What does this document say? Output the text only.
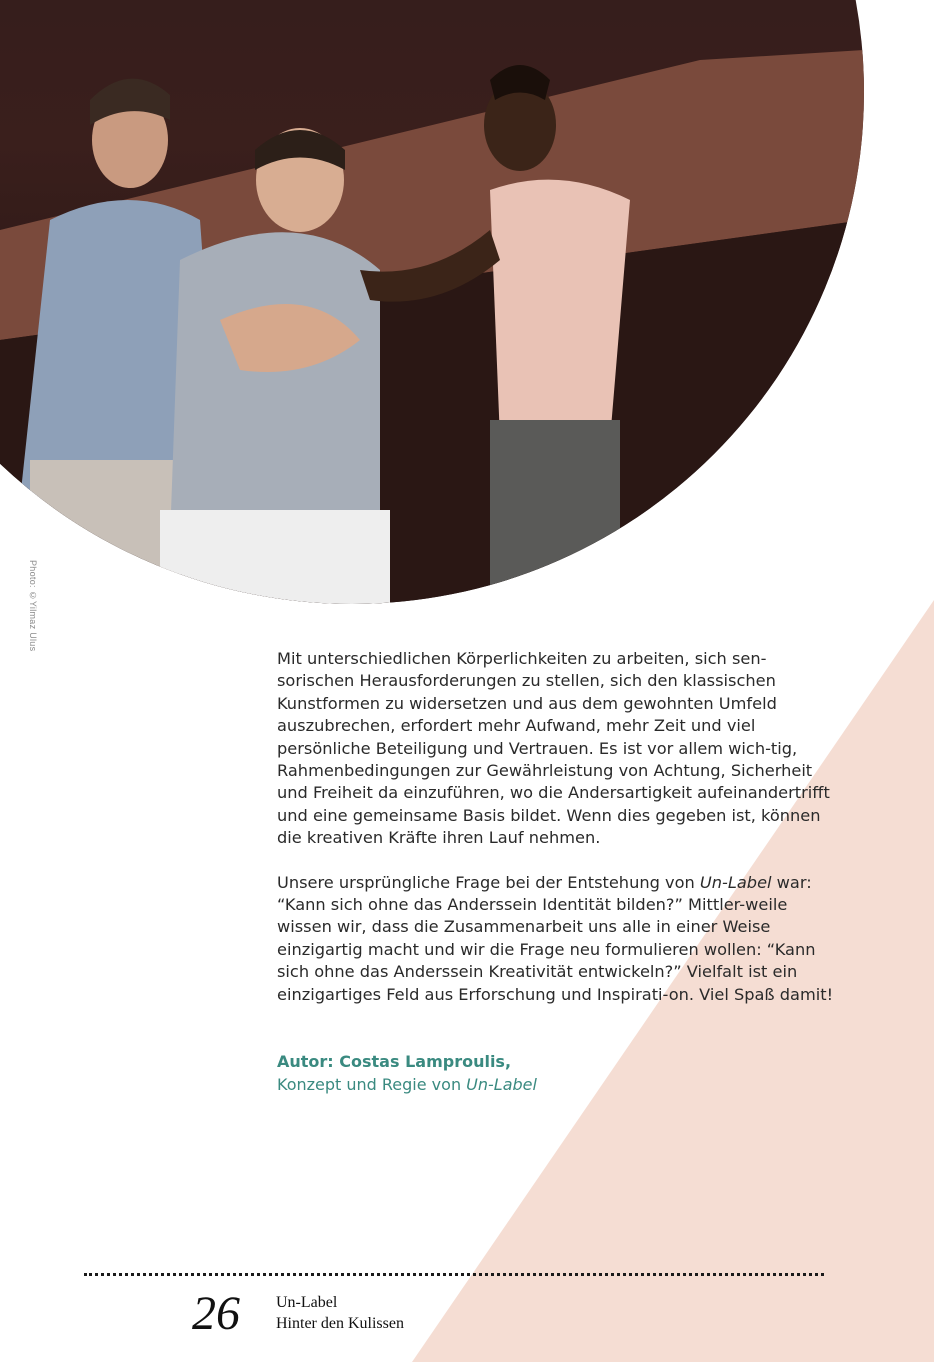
Photo: ©Yilmaz Ulus

Mit unterschiedlichen Körperlichkeiten zu arbeiten, sich sen-sorischen Herausforderungen zu stellen, sich den klassischen Kunstformen zu widersetzen und aus dem gewohnten Umfeld auszubrechen, erfordert mehr Aufwand, mehr Zeit und viel persönliche Beteiligung und Vertrauen. Es ist vor allem wich-tig, Rahmenbedingungen zur Gewährleistung von Achtung, Sicherheit und Freiheit da einzuführen, wo die Andersartigkeit aufeinandertrifft und eine gemeinsame Basis bildet. Wenn dies gegeben ist, können die kreativen Kräfte ihren Lauf nehmen.

Unsere ursprüngliche Frage bei der Entstehung von Un-Label war: “Kann sich ohne das Anderssein Identität bilden?” Mittler-weile wissen wir, dass die Zusammenarbeit uns alle in einer Weise einzigartig macht und wir die Frage neu formulieren wollen: “Kann sich ohne das Anderssein Kreativität entwickeln?” Vielfalt ist ein einzigartiges Feld aus Erforschung und Inspirati-on. Viel Spaß damit!

Autor: Costas Lamproulis,
Konzept und Regie von Un-Label
26 Un-Label
Hinter den Kulissen
